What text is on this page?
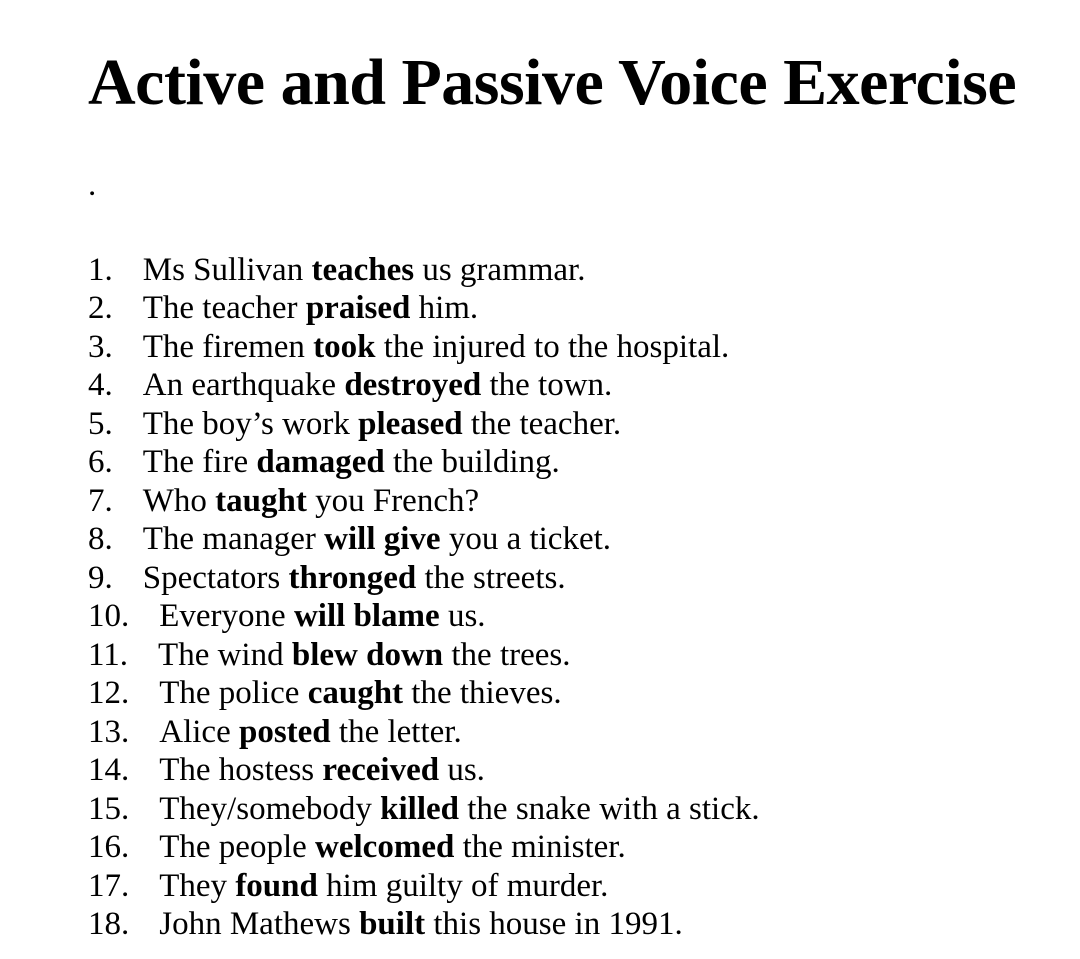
Active and Passive Voice Exercise

.

1. Ms Sullivan teaches us grammar.
2. The teacher praised him.
3. The firemen took the injured to the hospital.
4. An earthquake destroyed the town.
5. The boy’s work pleased the teacher.
6. The fire damaged the building.
7. Who taught you French?
8. The manager will give you a ticket.
9. Spectators thronged the streets.
10. Everyone will blame us.
11. The wind blew down the trees.
12. The police caught the thieves.
13. Alice posted the letter.
14. The hostess received us.
15. They/somebody killed the snake with a stick.
16. The people welcomed the minister.
17. They found him guilty of murder.
18. John Mathews built this house in 1991.
